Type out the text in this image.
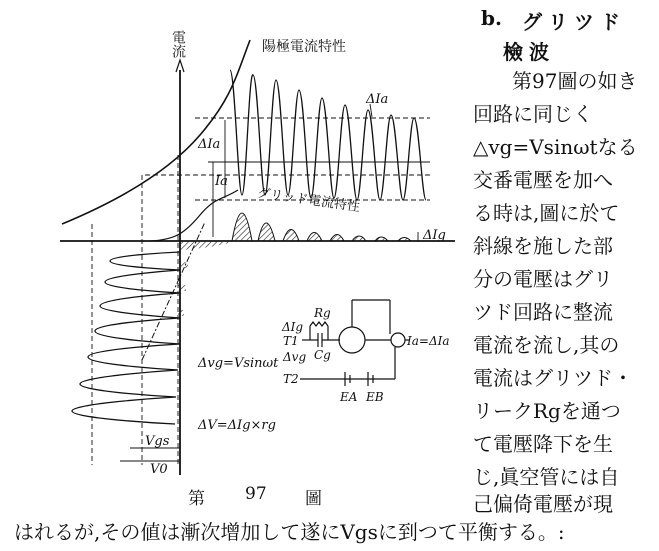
電流	陽極電流特性
グリッド電流特性
ΔIa
ΔIa
Ia
ΔIg
Δvg=Vsinωt
ΔV=ΔIg×rg
Vgs
V0
Rg
Cg
ΔIg
T1
Δvg
T2
EA EB
Ia=ΔIa
第 97 圖
b. グリツド
檢波
第97圖の如き
回路に同じく
△vg=Vsinωtなる
交番電壓を加へ
る時は,圖に於て
斜線を施した部
分の電壓はグリ
ツド回路に整流
電流を流し,其の
電流はグリツド・
リークRgを通つ
て電壓降下を生
じ,眞空管には自
己偏倚電壓が現
はれるが,その値は漸次增加して遂にVgsに到つて平衡する。:
